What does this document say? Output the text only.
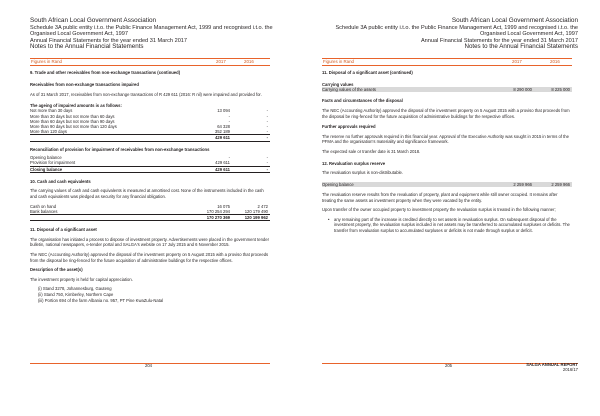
South African Local Government Association
Schedule 3A public entity i.t.o. the Public Finance Management Act, 1999 and recognised i.t.o. the
Organised Local Government Act, 1997
Annual Financial Statements for the year ended 31 March 2017
Notes to the Annual Financial Statements
Figures in Rand	2017	2016
9. Trade and other receivables from non-exchange transactions (continued)
Receivables from non-exchange transactions impaired
As of 31 March 2017, receivables from non-exchange transactions of R 429 611 (2016: R nil) were impaired and provided for.
The ageing of impaired amounts is as follows:
Not more than 30 days	13 094	-
More than 30 days but not more than 60 days	-	-
More than 60 days but not more than 90 days	-	-
More than 90 days but not more than 120 days	64 328	-
More than 120 days	352 189	-
429 611	-
Reconciliation of provision for impairment of receivables from non-exchange transactions
Opening balance	-	-
Provision for impairment	429 611	-
Closing balance	429 611	-
10. Cash and cash equivalents
The carrying values of cash and cash equivalents is measured at amortised cost. None of the instruments included in the cash and cash equivalents was pledged as security for any financial obligation.
Cash on hand	16 075	2 472
Bank balances	170 254 294	120 179 490
170 270 369	120 199 962
11. Disposal of a significant asset
The organisation has initiated a process to dispose of investment property. Advertisements were placed in the government tender bulletin, national newspapers, e-tender portal and SALGA's website on 17 July 2015 and 6 November 2015.
The NEC (Accounting Authority) approved the disposal of the investment property on 5 August 2015 with a proviso that proceeds from the disposal be ring-fenced for the future acquisition of administrative buildings for the respective offices.
Description of the asset(s)
The investment property is held for capital appreciation.
(i) Stand 3278, Johannesburg, Gauteng
(ii) Stand 750, Kimberley, Northern Cape
(iii) Portion 694 of the farm Albania no. 957, PT Pine KwaZulu-Natal
204
South African Local Government Association
Schedule 3A public entity i.t.o. the Public Finance Management Act, 1999 and recognised i.t.o. the
Organised Local Government Act, 1997
Annual Financial Statements for the year ended 31 March 2017
Notes to the Annual Financial Statements
Figures in Rand	2017	2016
11. Disposal of a significant asset (continued)
Carrying values
Carrying values of the assets	8 290 000	8 225 000
Facts and circumstances of the disposal
The NEC (Accounting Authority) approved the disposal of the investment property on 5 August 2015 with a proviso that proceeds from the disposal be ring-fenced for the future acquisition of administrative buildings for the respective offices.
Further approvals required
The reserve no further approvals required in this financial year. Approval of the Executive Authority was sought in 2015 in terms of the PFMA and the organisation's materiality and significance framework.
The expected sale or transfer date is 31 March 2018.
12. Revaluation surplus reserve
The revaluation surplus is non-distributable.
Opening balance	2 259 966	2 259 966
The revaluation reserve results from the revaluation of property, plant and equipment while still owner occupied. It remains after treating the same assets as investment property when they were vacated by the entity.
Upon transfer of the owner occupied property to investment property the revaluation surplus is treated in the following manner;
• any remaining part of the increase is credited directly to net assets in revaluation surplus. On subsequent disposal of the investment property, the revaluation surplus included in net assets may be transferred to accumulated surpluses or deficits. The transfer from revaluation surplus to accumulated surpluses or deficits is not made through surplus or deficit.
205	SALGA ANNUAL REPORT
2016/17
